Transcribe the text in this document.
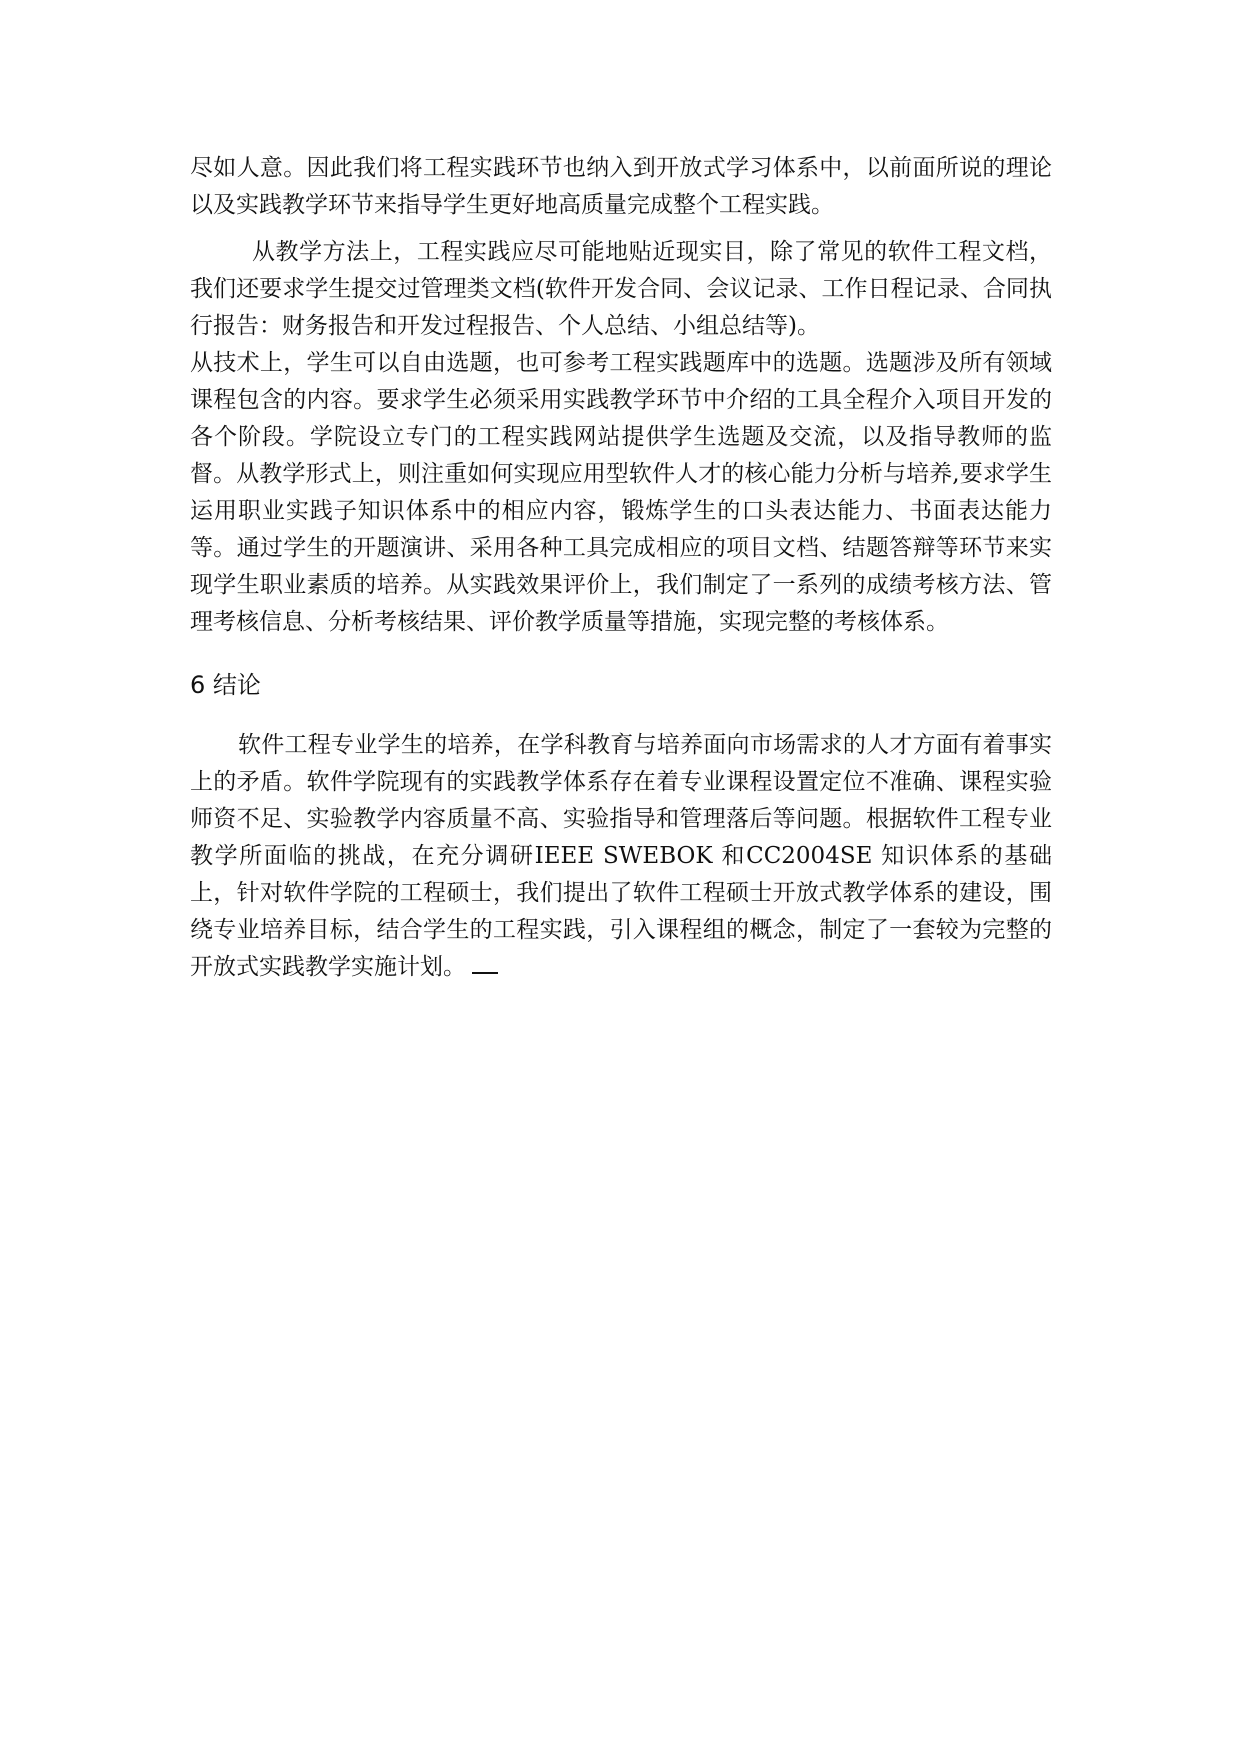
尽如人意。因此我们将工程实践环节也纳入到开放式学习体系中，以前面所说的理论以及实践教学环节来指导学生更好地高质量完成整个工程实践。

从教学方法上，工程实践应尽可能地贴近现实目，除了常见的软件工程文档，我们还要求学生提交过管理类文档(软件开发合同、会议记录、工作日程记录、合同执行报告：财务报告和开发过程报告、个人总结、小组总结等)。

从技术上，学生可以自由选题，也可参考工程实践题库中的选题。选题涉及所有领域课程包含的内容。要求学生必须采用实践教学环节中介绍的工具全程介入项目开发的各个阶段。学院设立专门的工程实践网站提供学生选题及交流，以及指导教师的监督。从教学形式上，则注重如何实现应用型软件人才的核心能力分析与培养,要求学生运用职业实践子知识体系中的相应内容，锻炼学生的口头表达能力、书面表达能力等。通过学生的开题演讲、采用各种工具完成相应的项目文档、结题答辩等环节来实现学生职业素质的培养。从实践效果评价上，我们制定了一系列的成绩考核方法、管理考核信息、分析考核结果、评价教学质量等措施，实现完整的考核体系。

6 结论

软件工程专业学生的培养，在学科教育与培养面向市场需求的人才方面有着事实上的矛盾。软件学院现有的实践教学体系存在着专业课程设置定位不准确、课程实验师资不足、实验教学内容质量不高、实验指导和管理落后等问题。根据软件工程专业教学所面临的挑战，在充分调研IEEE SWEBOK 和CC2004SE 知识体系的基础上，针对软件学院的工程硕士，我们提出了软件工程硕士开放式教学体系的建设，围绕专业培养目标，结合学生的工程实践，引入课程组的概念，制定了一套较为完整的开放式实践教学实施计划。
